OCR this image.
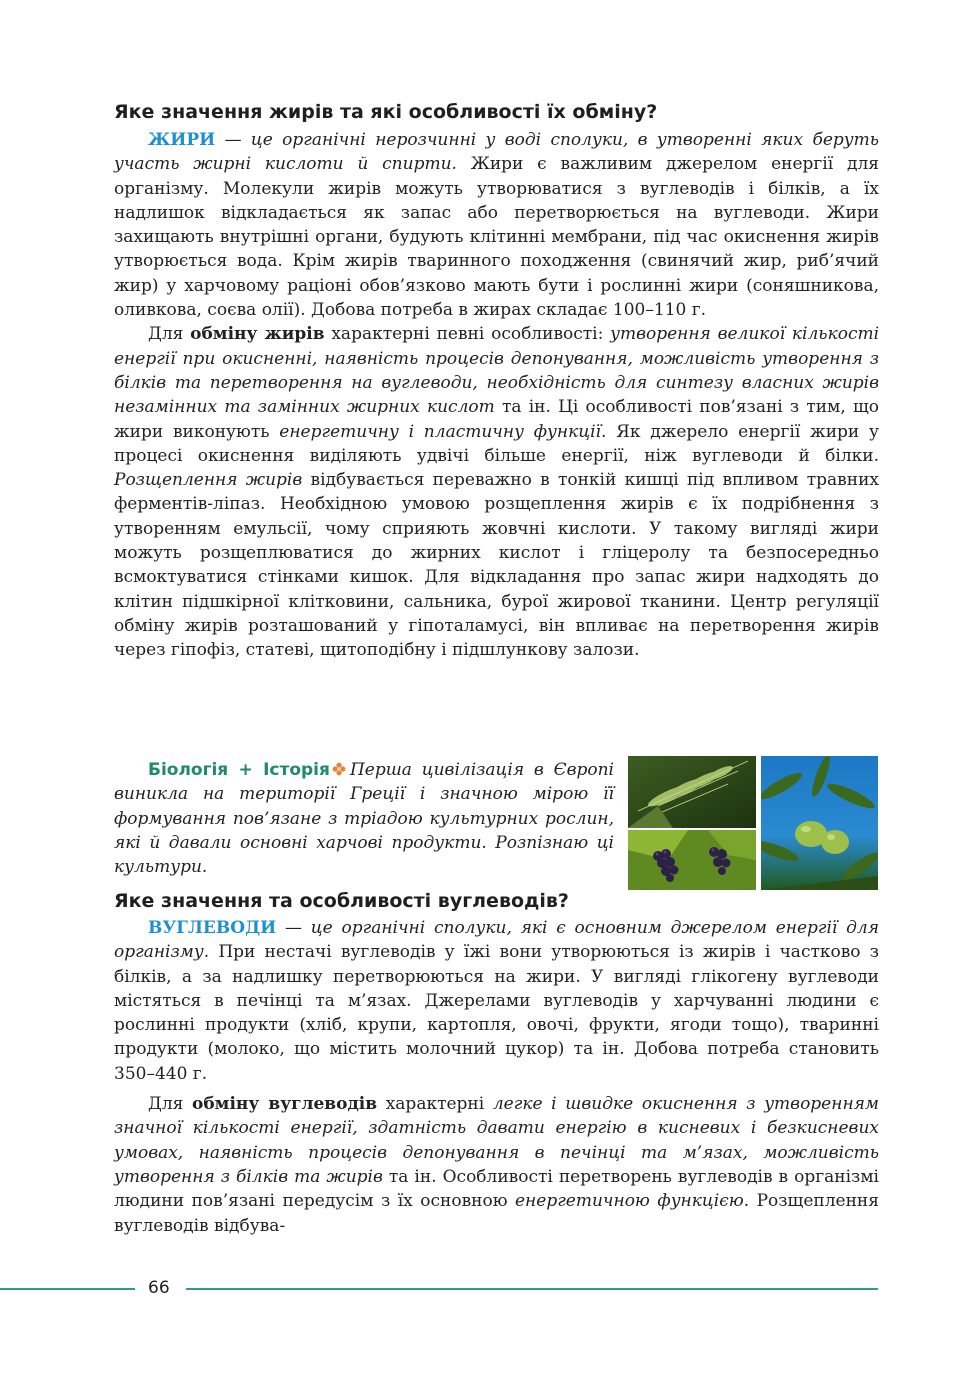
Яке значення жирів та які особливості їх обміну?

ЖИРИ — це органічні нерозчинні у воді сполуки, в утворенні яких беруть участь жирні кислоти й спирти. Жири є важливим джерелом енергії для організму. Молекули жирів можуть утворюватися з вуглеводів і білків, а їх надлишок відкладається як запас або перетворюється на вуглеводи. Жири захищають внутрішні органи, будують клітинні мембрани, під час окиснення жирів утворюється вода. Крім жирів тваринного походження (свинячий жир, риб’ячий жир) у харчовому раціоні обов’язково мають бути і рослинні жири (соняшникова, оливкова, соєва олії). Добова потреба в жирах складає 100–110 г.

Для обміну жирів характерні певні особливості: утворення великої кількості енергії при окисненні, наявність процесів депонування, можливість утворення з білків та перетворення на вуглеводи, необхідність для синтезу власних жирів незамінних та замінних жирних кислот та ін. Ці особливості пов’язані з тим, що жири виконують енергетичну і пластичну функції. Як джерело енергії жири у процесі окиснення виділяють удвічі більше енергії, ніж вуглеводи й білки. Розщеплення жирів відбувається переважно в тонкій кишці під впливом травних ферментів-ліпаз. Необхідною умовою розщеплення жирів є їх подрібнення з утворенням емульсії, чому сприяють жовчні кислоти. У такому вигляді жири можуть розщеплюватися до жирних кислот і гліцеролу та безпосередньо всмоктуватися стінками кишок. Для відкладання про запас жири надходять до клітин підшкірної клітковини, сальника, бурої жирової тканини. Центр регуляції обміну жирів розташований у гіпоталамусі, він впливає на перетворення жирів через гіпофіз, статеві, щитоподібну і підшлункову залози.

Біологія + Історія Перша цивілізація в Європі виникла на території Греції і значною мірою її формування пов’язане з тріадою культурних рослин, які й давали основні харчові продукти. Розпізнаю ці культури.

Яке значення та особливості вуглеводів?

ВУГЛЕВОДИ — це органічні сполуки, які є основним джерелом енергії для організму. При нестачі вуглеводів у їжі вони утворюються із жирів і частково з білків, а за надлишку перетворюються на жири. У вигляді глікогену вуглеводи містяться в печінці та м’язах. Джерелами вуглеводів у харчуванні людини є рослинні продукти (хліб, крупи, картопля, овочі, фрукти, ягоди тощо), тваринні продукти (молоко, що містить молочний цукор) та ін. Добова потреба становить 350–440 г.

Для обміну вуглеводів характерні легке і швидке окиснення з утворенням значної кількості енергії, здатність давати енергію в кисневих і безкисневих умовах, наявність процесів депонування в печінці та м’язах, можливість утворення з білків та жирів та ін. Особливості перетворень вуглеводів в організмі людини пов’язані передусім з їх основною енергетичною функцією. Розщеплення вуглеводів відбува-

66
